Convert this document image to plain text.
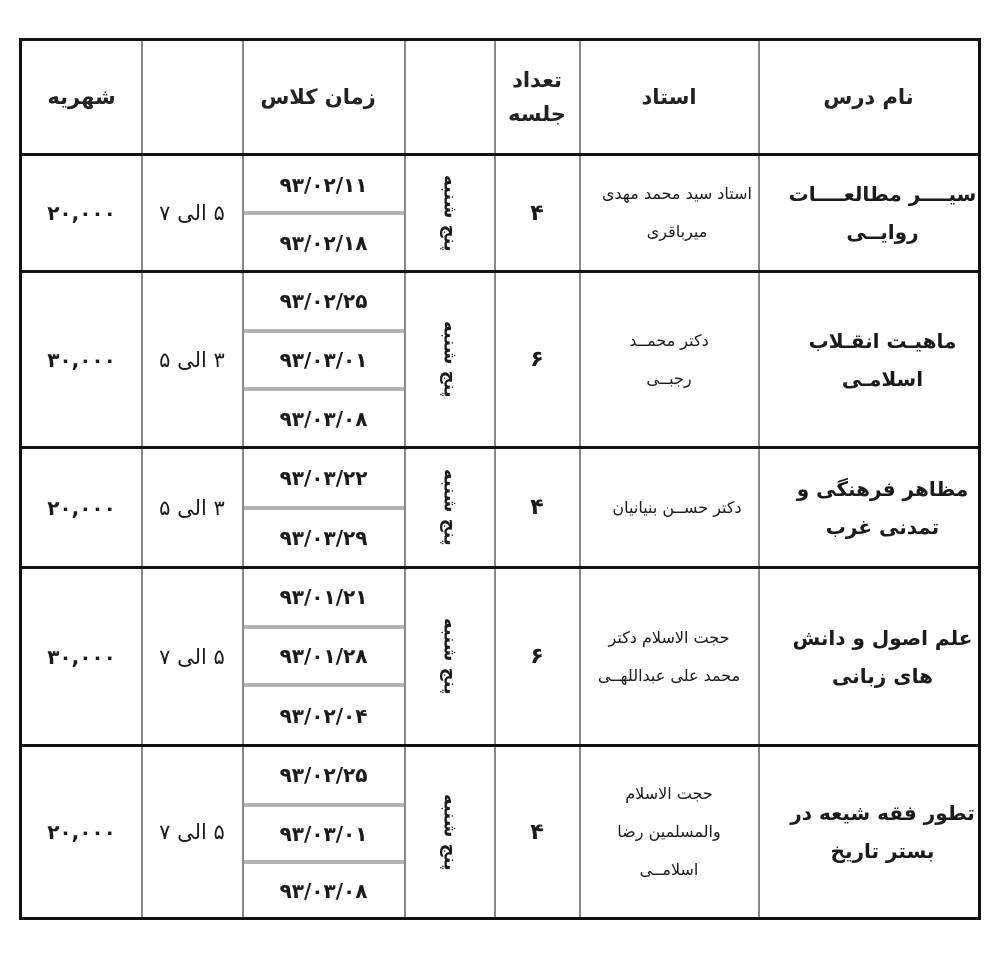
نام درس
استاد
تعداد
جلسه
زمان کلاس
شهریه
سیــــر مطالعــــات روایــی
استاد سید محمد مهدی میرباقری
۴
پنج شنبه
۹۳/۰۲/۱۱
۹۳/۰۲/۱۸
۵ الی ۷
۲۰,۰۰۰
ماهیـت انقـلاب اسلامـی
دکتر محمــد رجبــی
۶
پنج شنبه
۹۳/۰۲/۲۵
۹۳/۰۳/۰۱
۹۳/۰۳/۰۸
۳ الی ۵
۳۰,۰۰۰
مظاهر فرهنگی و تمدنی غرب
دکتر حســن بنیانیان
۴
پنج شنبه
۹۳/۰۳/۲۲
۹۳/۰۳/۲۹
۳ الی ۵
۲۰,۰۰۰
علم اصول و دانش های زبانی
حجت الاسلام دکتر محمد علی عبداللهــی
۶
پنج شنبه
۹۳/۰۱/۲۱
۹۳/۰۱/۲۸
۹۳/۰۲/۰۴
۵ الی ۷
۳۰,۰۰۰
تطور فقه شیعه در بستر تاریخ
حجت الاسلام والمسلمین رضا اسلامــی
۴
پنج شنبه
۹۳/۰۲/۲۵
۹۳/۰۳/۰۱
۹۳/۰۳/۰۸
۵ الی ۷
۲۰,۰۰۰
